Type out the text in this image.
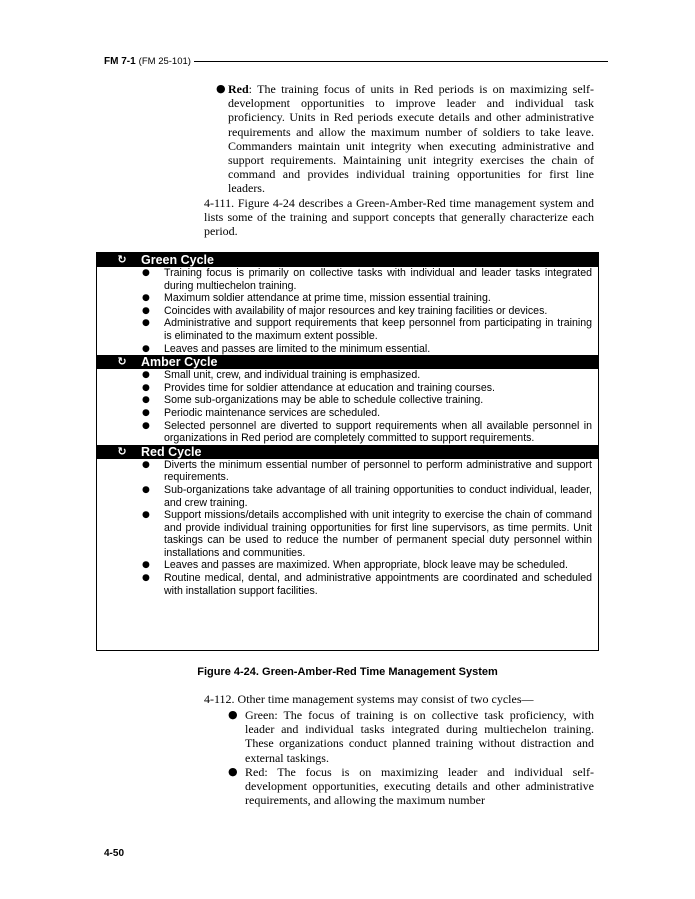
FM 7-1 (FM 25-101)
● Red: The training focus of units in Red periods is on maximizing self-development opportunities to improve leader and individual task proficiency. Units in Red periods execute details and other administrative requirements and allow the maximum number of soldiers to take leave. Commanders maintain unit integrity when executing administrative and support requirements. Maintaining unit integrity exercises the chain of command and provides individual training opportunities for first line leaders.
4-111. Figure 4-24 describes a Green-Amber-Red time management system and lists some of the training and support concepts that generally characterize each period.
↻	Green Cycle
● Training focus is primarily on collective tasks with individual and leader tasks integrated during multiechelon training.
● Maximum soldier attendance at prime time, mission essential training.
● Coincides with availability of major resources and key training facilities or devices.
● Administrative and support requirements that keep personnel from participating in training is eliminated to the maximum extent possible.
● Leaves and passes are limited to the minimum essential.
↻	Amber Cycle
● Small unit, crew, and individual training is emphasized.
● Provides time for soldier attendance at education and training courses.
● Some sub-organizations may be able to schedule collective training.
● Periodic maintenance services are scheduled.
● Selected personnel are diverted to support requirements when all available personnel in organizations in Red period are completely committed to support requirements.
↻	Red Cycle
● Diverts the minimum essential number of personnel to perform administrative and support requirements.
● Sub-organizations take advantage of all training opportunities to conduct individual, leader, and crew training.
● Support missions/details accomplished with unit integrity to exercise the chain of command and provide individual training opportunities for first line supervisors, as time permits. Unit taskings can be used to reduce the number of permanent special duty personnel within installations and communities.
● Leaves and passes are maximized. When appropriate, block leave may be scheduled.
● Routine medical, dental, and administrative appointments are coordinated and scheduled with installation support facilities.
Figure 4-24. Green-Amber-Red Time Management System
4-112. Other time management systems may consist of two cycles—
● Green: The focus of training is on collective task proficiency, with leader and individual tasks integrated during multiechelon training. These organizations conduct planned training without distraction and external taskings.
● Red: The focus is on maximizing leader and individual self-development opportunities, executing details and other administrative requirements, and allowing the maximum number
4-50
